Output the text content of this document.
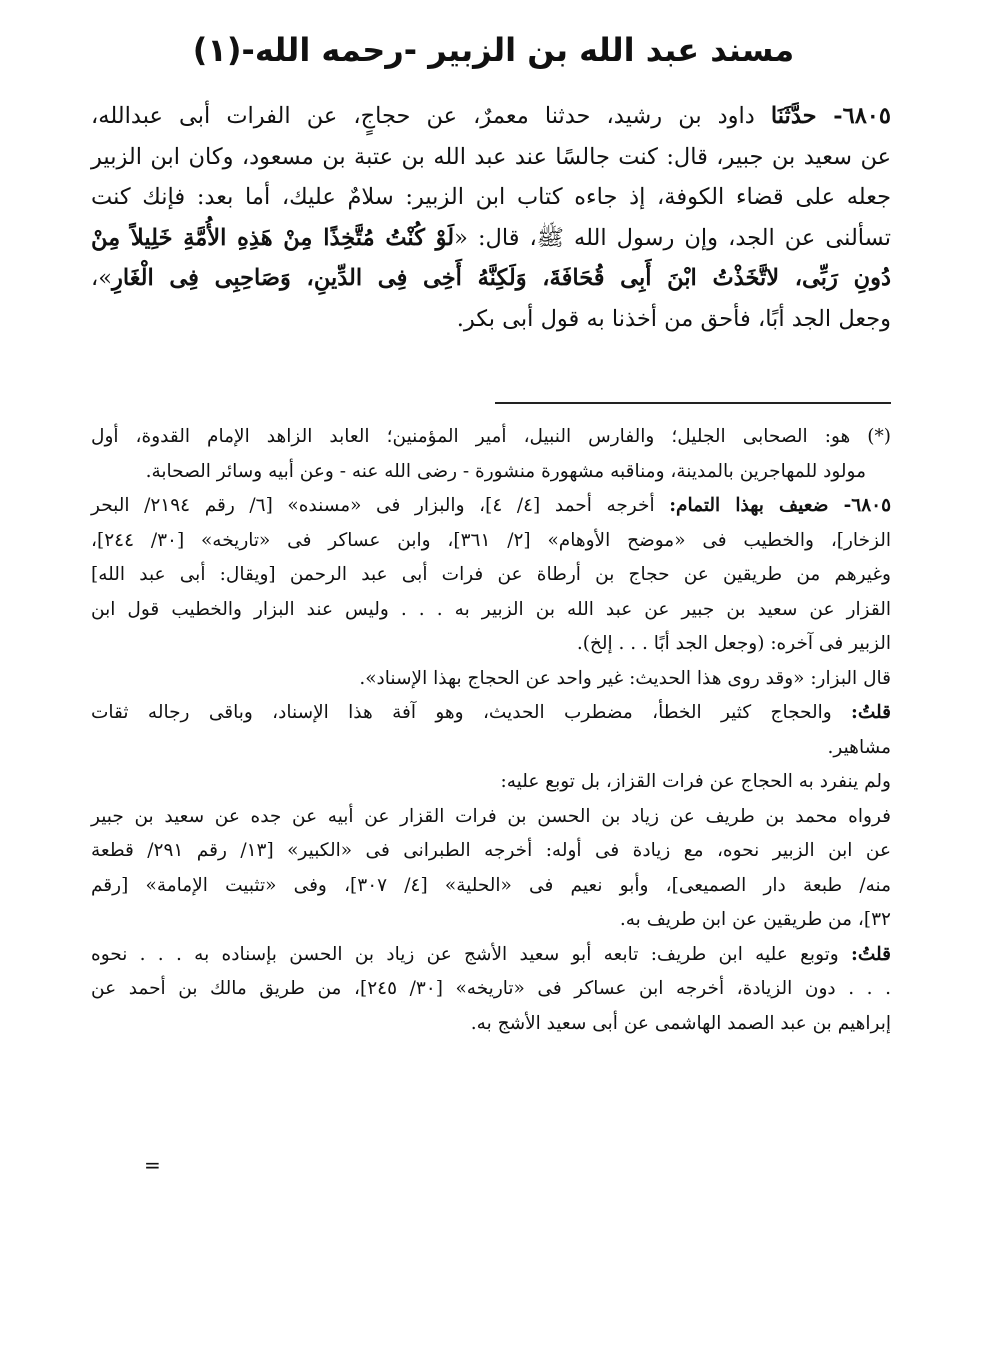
مسند عبد الله بن الزبير -رحمه الله-(١)
٦٨٠٥- حدَّثَنَا داود بن رشيد، حدثنا معمرٌ، عن حجاجٍ، عن الفرات أبى عبدالله،
عن سعيد بن جبير، قال: كنت جالسًا عند عبد الله بن عتبة بن مسعود، وكان ابن الزبير
جعله على قضاء الكوفة، إذ جاءه كتاب ابن الزبير: سلامٌ عليك، أما بعد: فإنك كنت
تسألنى عن الجد، وإن رسول الله ﷺ، قال: «لَوْ كُنْتُ مُتَّخِذًا مِنْ هَذِهِ الأُمَّةِ خَلِيلاً مِنْ
دُونِ رَبِّى، لاتَّخَذْتُ ابْنَ أَبِى قُحَافَةَ، وَلَكِنَّهُ أَخِى فِى الدِّينِ، وَصَاحِبِى فِى الْغَارِ»،
وجعل الجد أبًا، فأحق من أخذنا به قول أبى بكر.
(*) هو: الصحابى الجليل؛ والفارس النبيل، أمير المؤمنين؛ العابد الزاهد الإمام القدوة، أول
مولود للمهاجرين بالمدينة، ومناقبه مشهورة منشورة - رضى الله عنه - وعن أبيه وسائر الصحابة.
٦٨٠٥- ضعيف بهذا التمام: أخرجه أحمد [٤/ ٤]، والبزار فى «مسنده» [٦/ رقم ٢١٩٤/ البحر
الزخار]، والخطيب فى «موضح الأوهام» [٢/ ٣٦١]، وابن عساكر فى «تاريخه» [٣٠/ ٢٤٤]،
وغيرهم من طريقين عن حجاج بن أرطاة عن فرات أبى عبد الرحمن [ويقال: أبى عبد الله]
القزار عن سعيد بن جبير عن عبد الله بن الزبير به . . . وليس عند البزار والخطيب قول ابن
الزبير فى آخره: (وجعل الجد أبًا . . . إلخ).
قال البزار: «وقد روى هذا الحديث: غير واحد عن الحجاج بهذا الإسناد».
قلتُ: والحجاج كثير الخطأ، مضطرب الحديث، وهو آفة هذا الإسناد، وباقى رجاله ثقات
مشاهير.
ولم ينفرد به الحجاج عن فرات القزاز، بل توبع عليه:
فرواه محمد بن طريف عن زياد بن الحسن بن فرات القزار عن أبيه عن جده عن سعيد بن جبير
عن ابن الزبير نحوه، مع زيادة فى أوله: أخرجه الطبرانى فى «الكبير» [١٣/ رقم ٢٩١/ قطعة
منه/ طبعة دار الصميعى]، وأبو نعيم فى «الحلية» [٤/ ٣٠٧]، وفى «تثبيت الإمامة» [رقم
٣٢]، من طريقين عن ابن طريف به.
قلتُ: وتوبع عليه ابن طريف: تابعه أبو سعيد الأشج عن زياد بن الحسن بإسناده به . . . نحوه
. . . دون الزيادة، أخرجه ابن عساكر فى «تاريخه» [٣٠/ ٢٤٥]، من طريق مالك بن أحمد عن
إبراهيم بن عبد الصمد الهاشمى عن أبى سعيد الأشج به.
=
